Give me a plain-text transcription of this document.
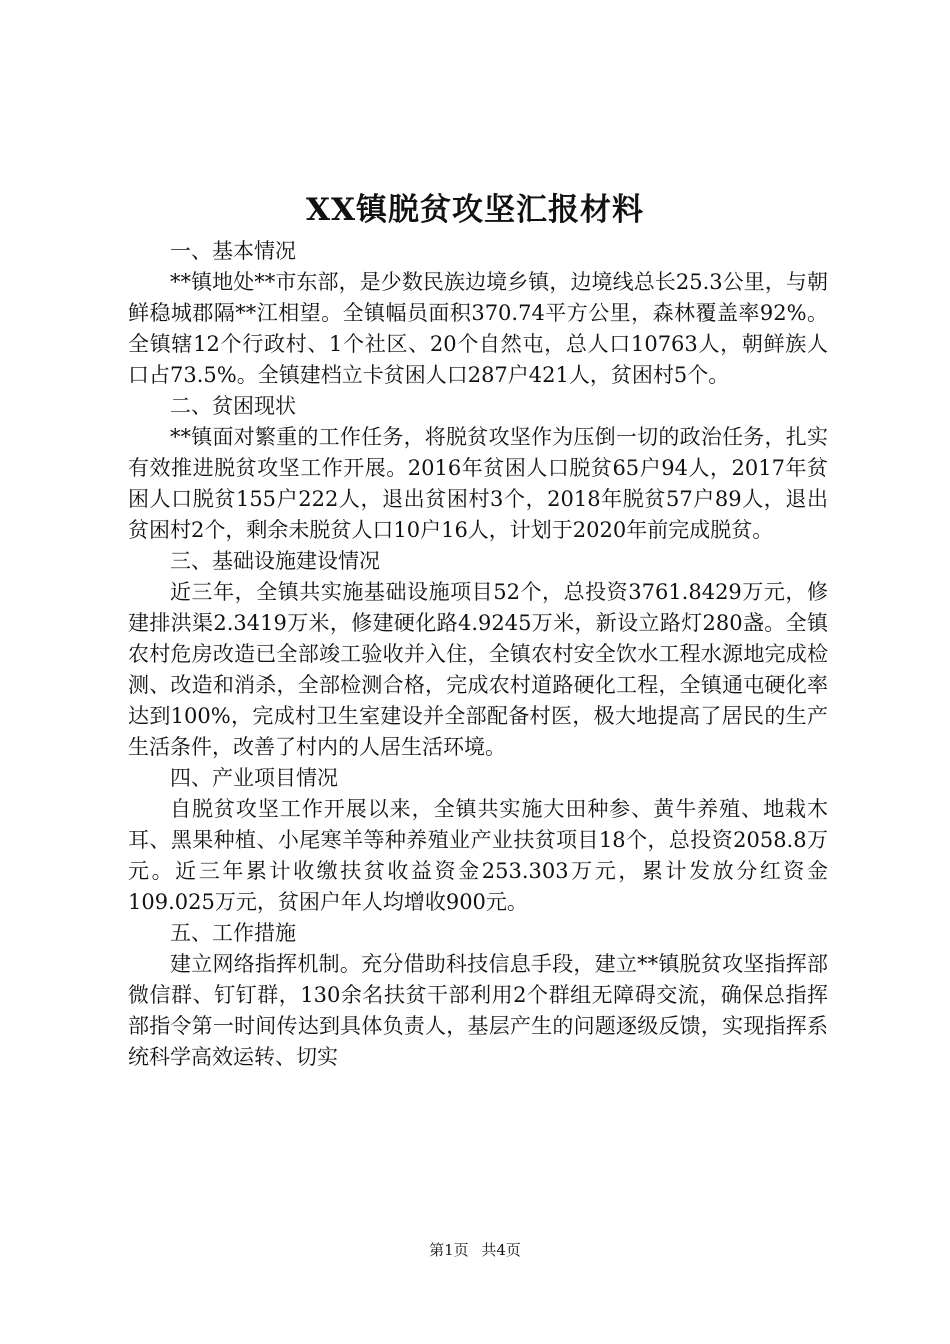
XX镇脱贫攻坚汇报材料

一、基本情况

**镇地处**市东部，是少数民族边境乡镇，边境线总长25.3公里，与朝鲜稳城郡隔**江相望。全镇幅员面积370.74平方公里，森林覆盖率92%。全镇辖12个行政村、1个社区、20个自然屯，总人口10763人，朝鲜族人口占73.5%。全镇建档立卡贫困人口287户421人，贫困村5个。

二、贫困现状

**镇面对繁重的工作任务，将脱贫攻坚作为压倒一切的政治任务，扎实有效推进脱贫攻坚工作开展。2016年贫困人口脱贫65户94人，2017年贫困人口脱贫155户222人，退出贫困村3个，2018年脱贫57户89人，退出贫困村2个，剩余未脱贫人口10户16人，计划于2020年前完成脱贫。

三、基础设施建设情况

近三年，全镇共实施基础设施项目52个，总投资3761.8429万元，修建排洪渠2.3419万米，修建硬化路4.9245万米，新设立路灯280盏。全镇农村危房改造已全部竣工验收并入住，全镇农村安全饮水工程水源地完成检测、改造和消杀，全部检测合格，完成农村道路硬化工程，全镇通屯硬化率达到100%，完成村卫生室建设并全部配备村医，极大地提高了居民的生产生活条件，改善了村内的人居生活环境。

四、产业项目情况

自脱贫攻坚工作开展以来，全镇共实施大田种参、黄牛养殖、地栽木耳、黑果种植、小尾寒羊等种养殖业产业扶贫项目18个，总投资2058.8万元。近三年累计收缴扶贫收益资金253.303万元，累计发放分红资金109.025万元，贫困户年人均增收900元。

五、工作措施

建立网络指挥机制。充分借助科技信息手段，建立**镇脱贫攻坚指挥部微信群、钉钉群，130余名扶贫干部利用2个群组无障碍交流，确保总指挥部指令第一时间传达到具体负责人，基层产生的问题逐级反馈，实现指挥系统科学高效运转、切实

第1页 共4页
